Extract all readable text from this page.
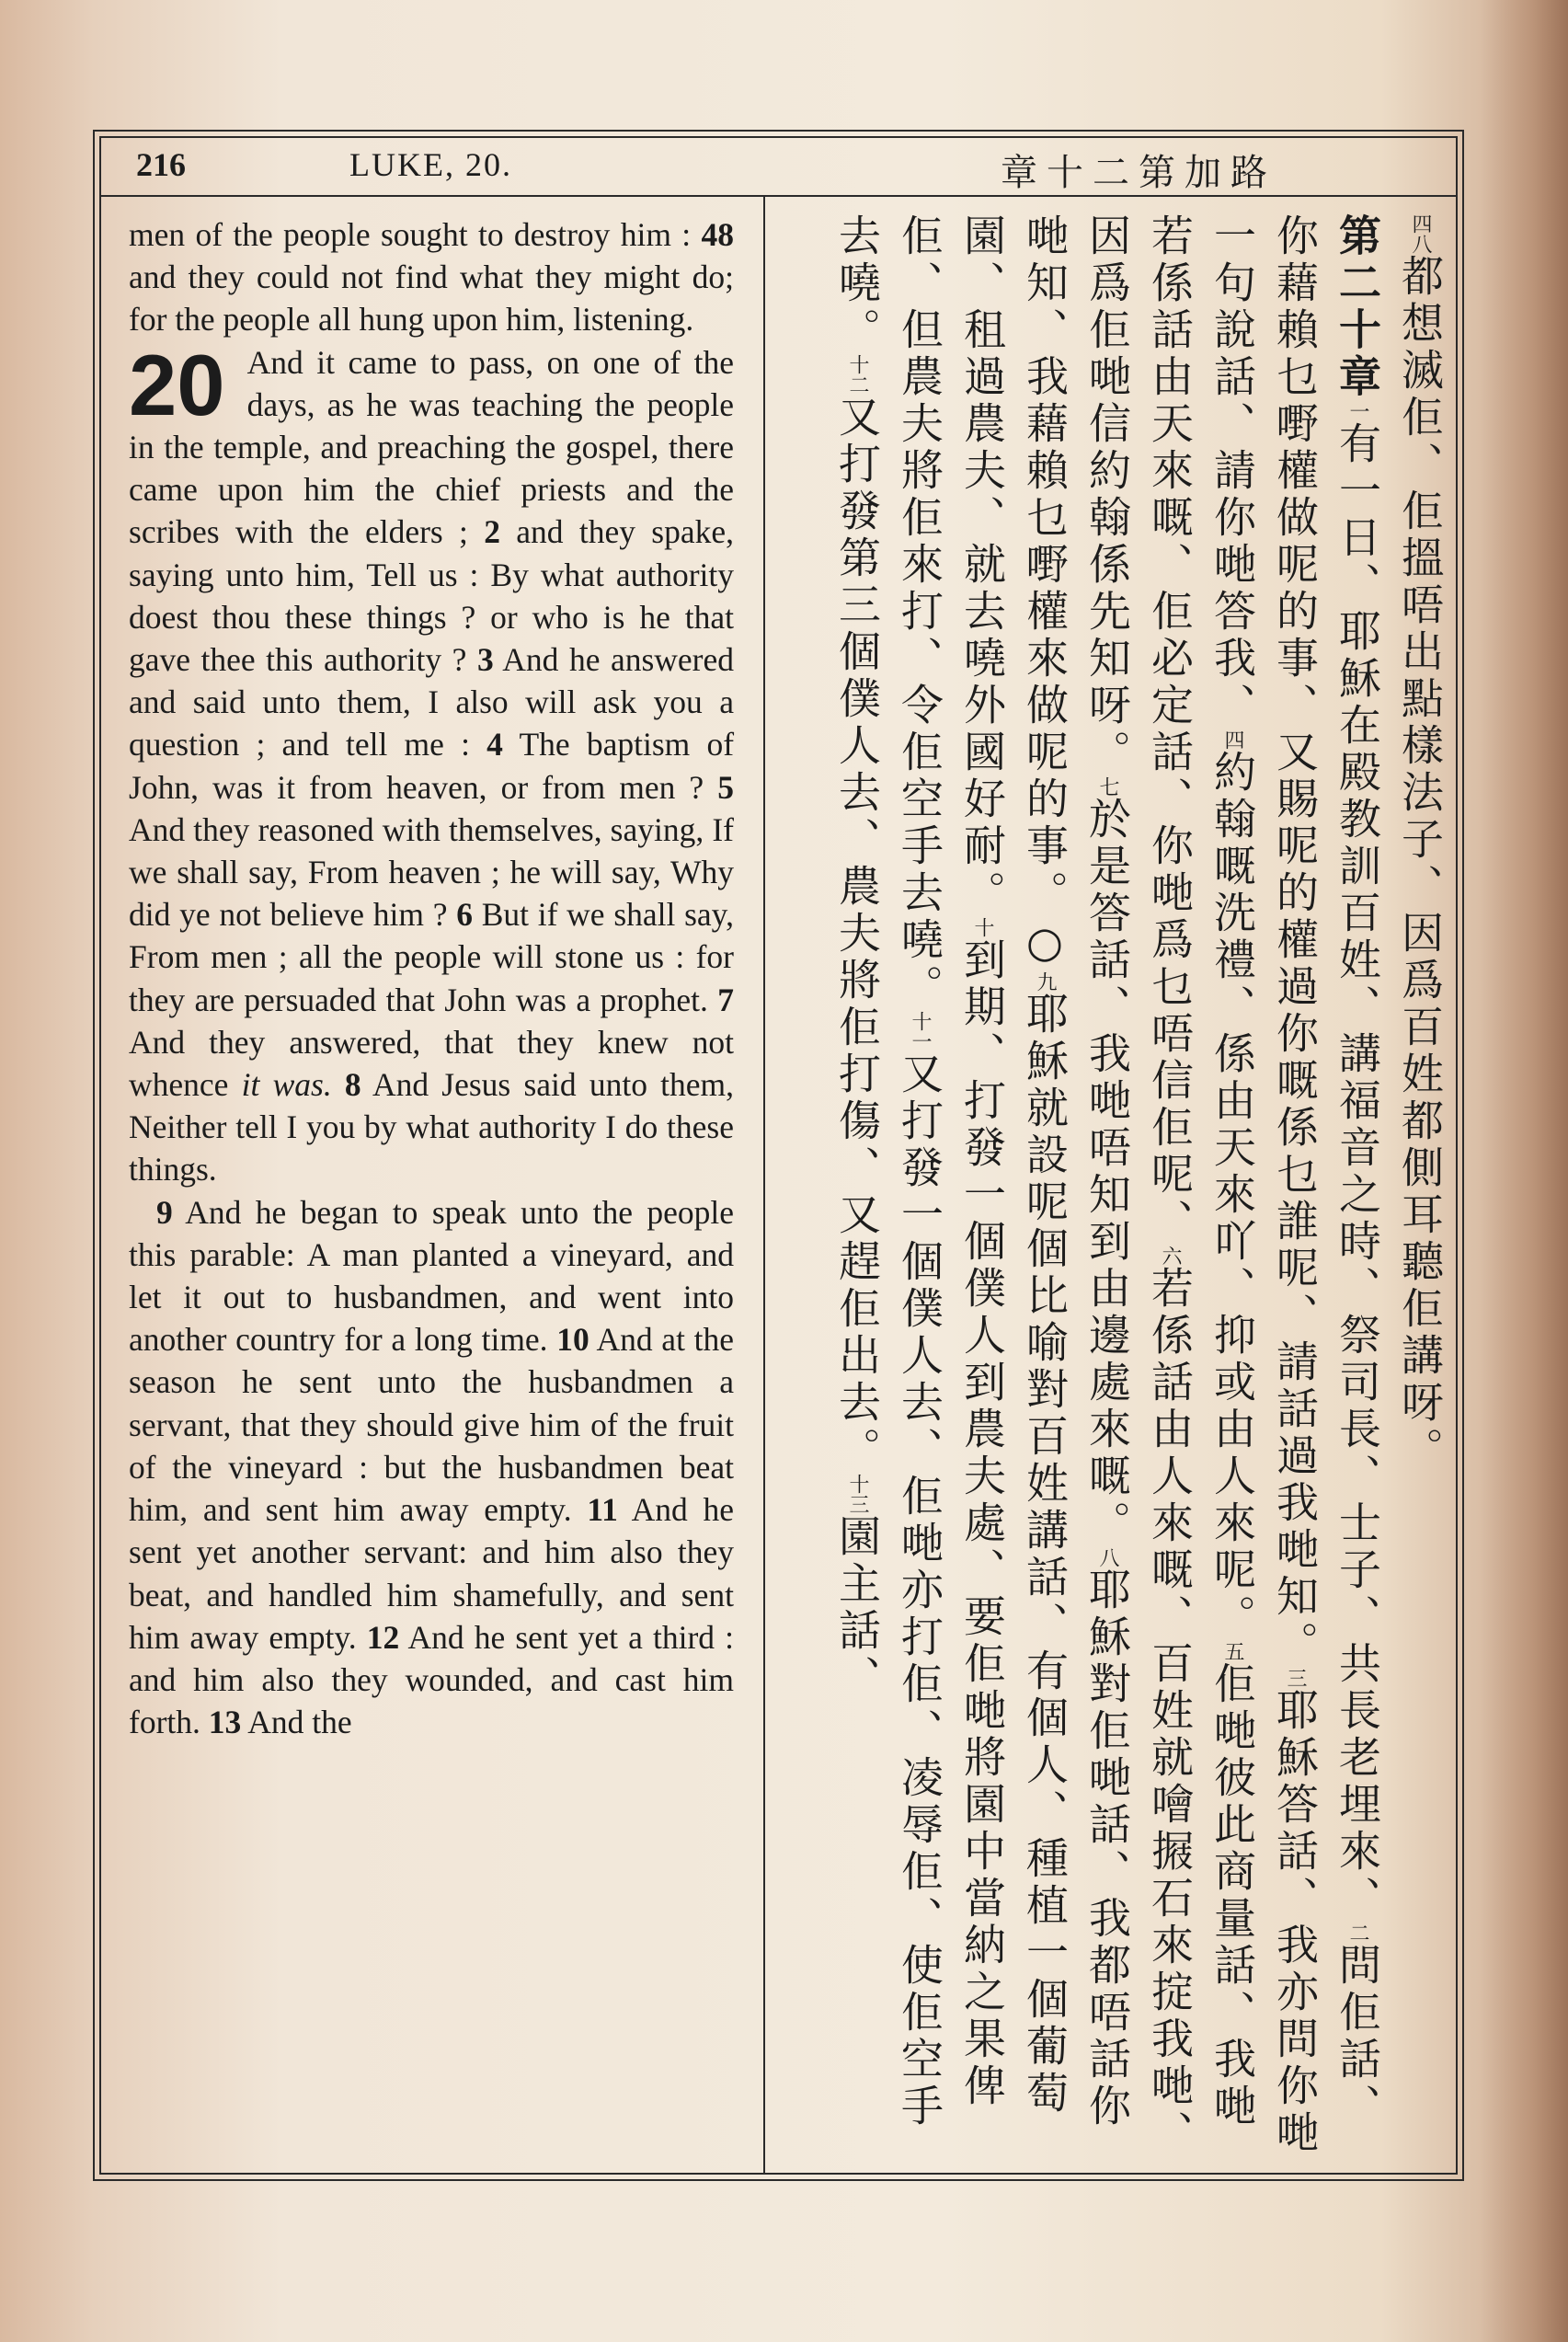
216	LUKE, 20.	路加第二十章

men of the people sought to destroy him : 48 and they could not find what they might do; for the people all hung upon him, listening.

20 And it came to pass, on one of the days, as he was teaching the people in the temple, and preaching the gospel, there came upon him the chief priests and the scribes with the elders ; 2 and they spake, saying unto him, Tell us : By what authority doest thou these things ? or who is he that gave thee this authority ? 3 And he answered and said unto them, I also will ask you a question ; and tell me : 4 The baptism of John, was it from heaven, or from men ? 5 And they reasoned with themselves, saying, If we shall say, From heaven ; he will say, Why did ye not believe him ? 6 But if we shall say, From men ; all the people will stone us : for they are persuaded that John was a prophet. 7 And they answered, that they knew not whence it was. 8 And Jesus said unto them, Neither tell I you by what authority I do these things.

9 And he began to speak unto the people this parable: A man planted a vineyard, and let it out to husbandmen, and went into another country for a long time. 10 And at the season he sent unto the husbandmen a servant, that they should give him of the fruit of the vineyard : but the husbandmen beat him, and sent him away empty. 11 And he sent yet another servant: and him also they beat, and handled him shamefully, and sent him away empty. 12 And he sent yet a third : and him also they wounded, and cast him forth. 13 And the

四八都想滅佢、佢搵唔出點樣法子、因爲百姓都側耳聽佢講呀。

第二十章一有一日、耶穌在殿教訓百姓、講福音之時、祭司長、士子、共長老埋來、二問佢話、你藉賴乜嘢權做呢的事、又賜呢的權過你嘅係乜誰呢、請話過我哋知。三耶穌答話、我亦問你哋一句說話、請你哋答我、四約翰嘅洗禮、係由天來吖、抑或由人來呢。五佢哋彼此商量話、我哋若係話由天來嘅、佢必定話、你哋爲乜唔信佢呢、六若係話由人來嘅、百姓就噲𢲈石來掟我哋、因爲佢哋信約翰係先知呀。七於是答話、我哋唔知到由邊處來嘅。八耶穌對佢哋話、我都唔話你哋知、我藉賴乜嘢權來做呢的事。○九耶穌就設呢個比喻對百姓講話、有個人、種植一個葡萄園、租過農夫、就去嘵外國好耐。十到期、打發一個僕人到農夫處、要佢哋將園中當納之果俾佢、但農夫將佢來打、令佢空手去嘵。十一又打發一個僕人去、佢哋亦打佢、凌辱佢、使佢空手去嘵。十二又打發第三個僕人去、農夫將佢打傷、又趕佢出去。十三園主話、
